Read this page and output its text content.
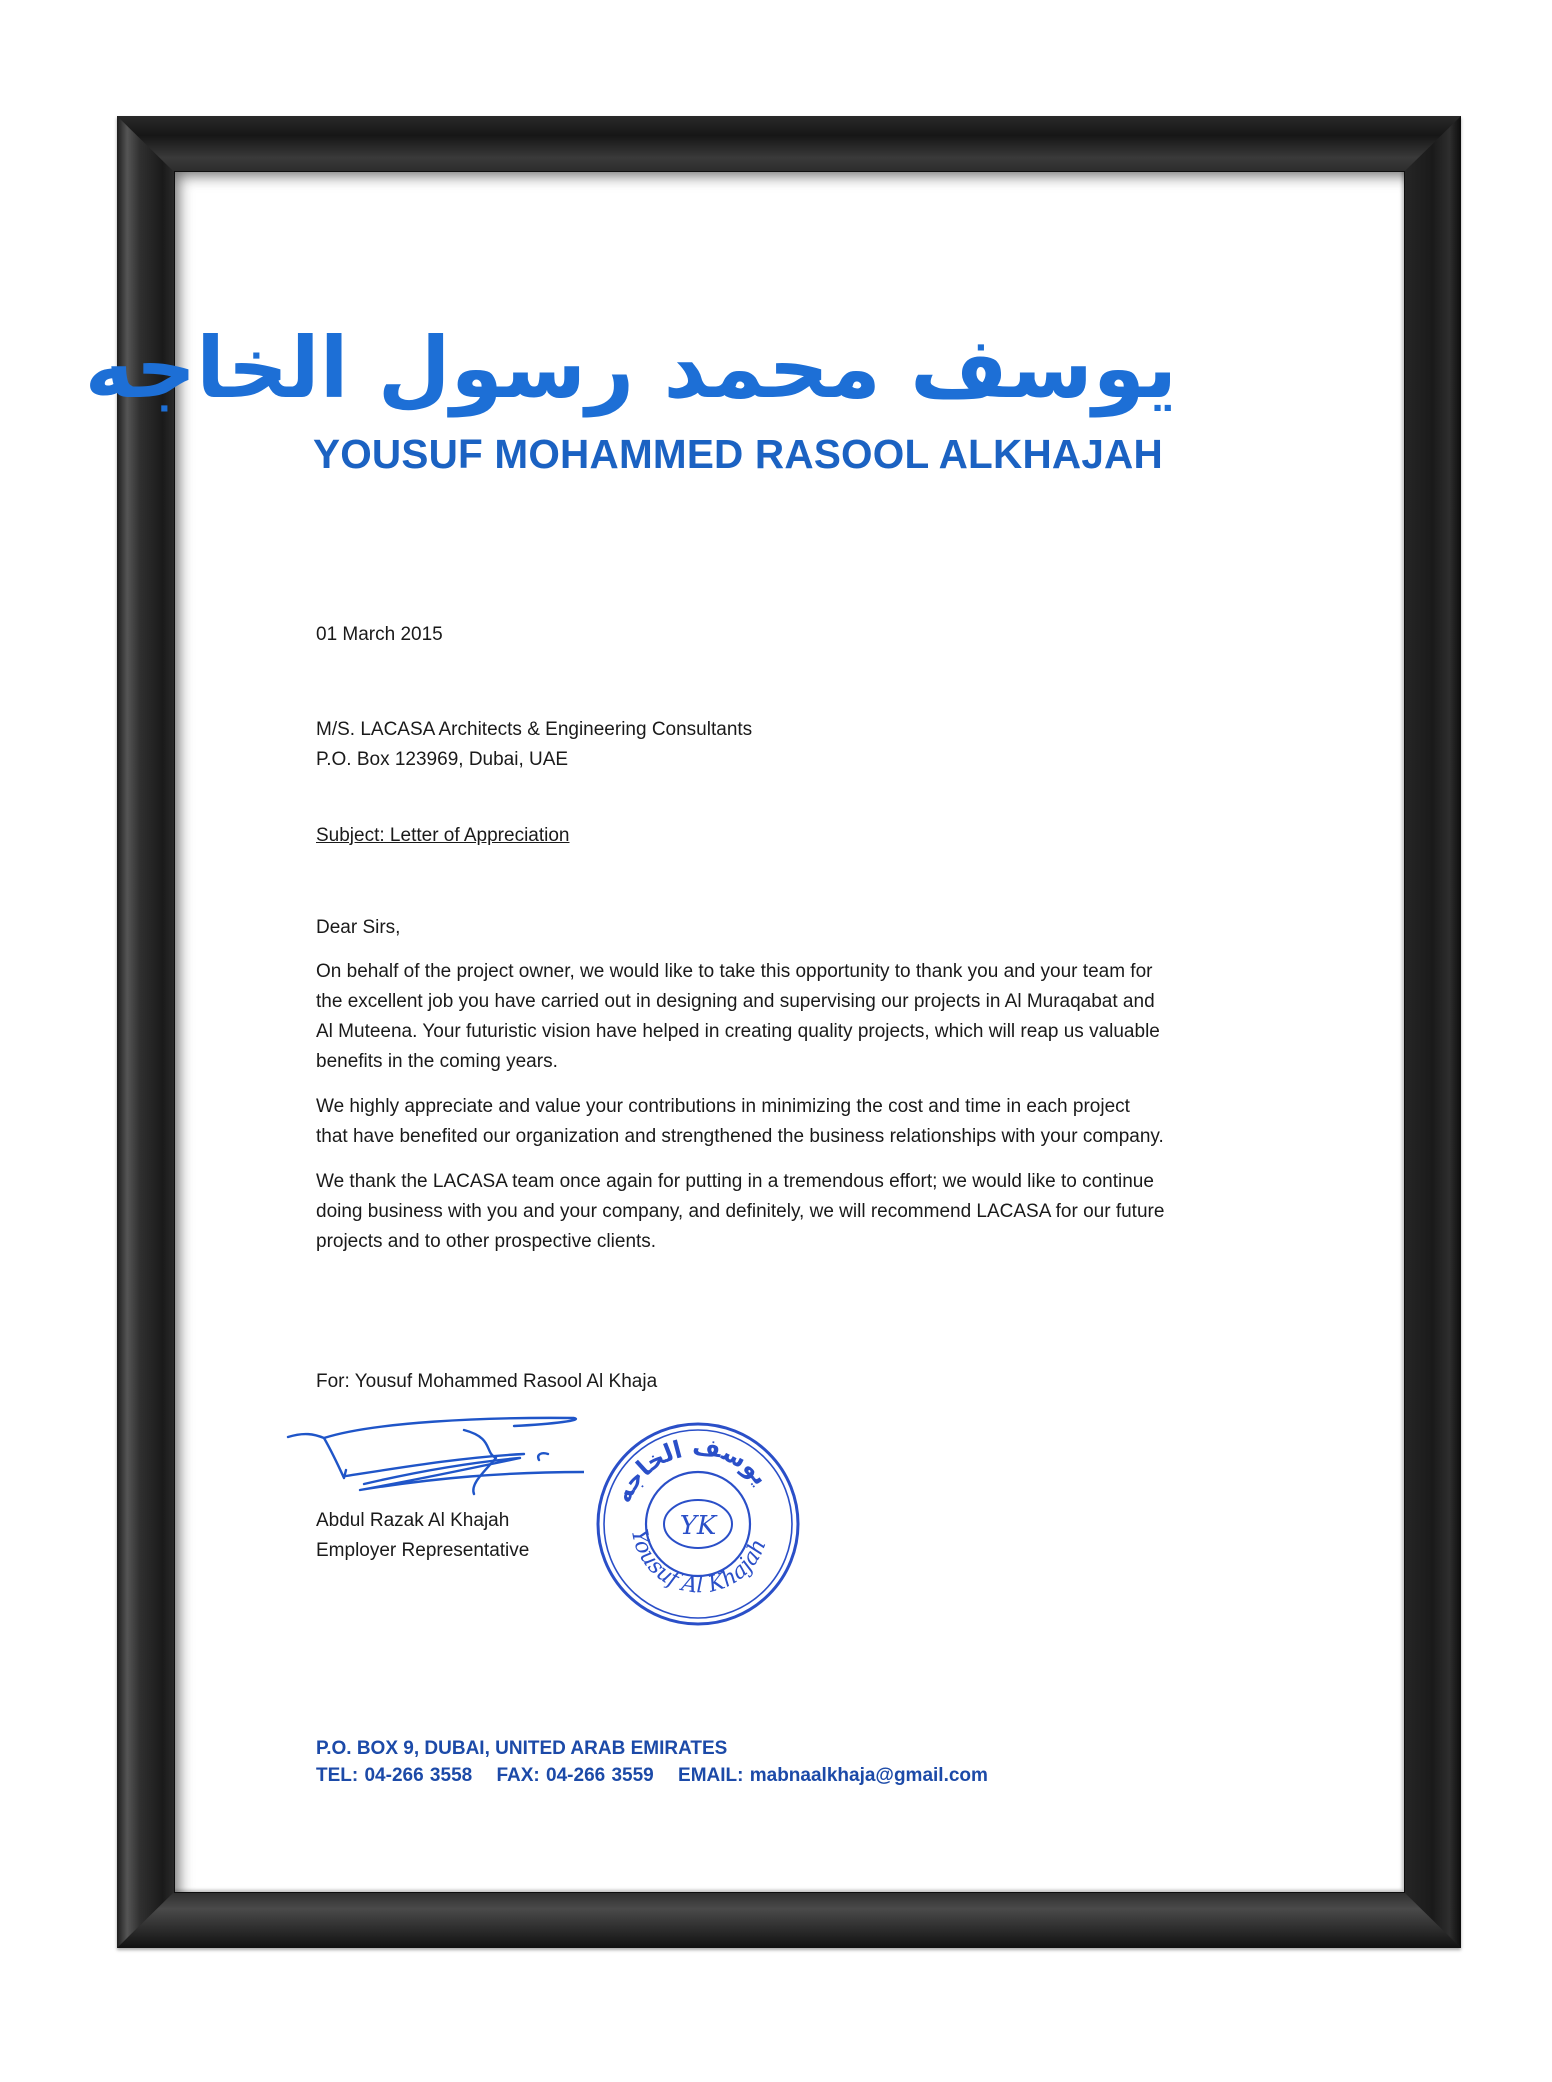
يوسف محمد رسول الخاجه
YOUSUF MOHAMMED RASOOL ALKHAJAH
01 March 2015
M/S. LACASA Architects & Engineering Consultants
P.O. Box 123969, Dubai, UAE
Subject: Letter of Appreciation
Dear Sirs,
On behalf of the project owner, we would like to take this opportunity to thank you and your team for
the excellent job you have carried out in designing and supervising our projects in Al Muraqabat and
Al Muteena. Your futuristic vision have helped in creating quality projects, which will reap us valuable
benefits in the coming years.
We highly appreciate and value your contributions in minimizing the cost and time in each project
that have benefited our organization and strengthened the business relationships with your company.
We thank the LACASA team once again for putting in a tremendous effort; we would like to continue
doing business with you and your company, and definitely, we will recommend LACASA for our future
projects and to other prospective clients.
For: Yousuf Mohammed Rasool Al Khaja
Abdul Razak Al Khajah
Employer Representative
يوسف الخاجه
YK
Yousuf Al Khajah
P.O. BOX 9, DUBAI, UNITED ARAB EMIRATES
TEL: 04-266 3558 FAX: 04-266 3559 EMAIL: mabnaalkhaja@gmail.com
